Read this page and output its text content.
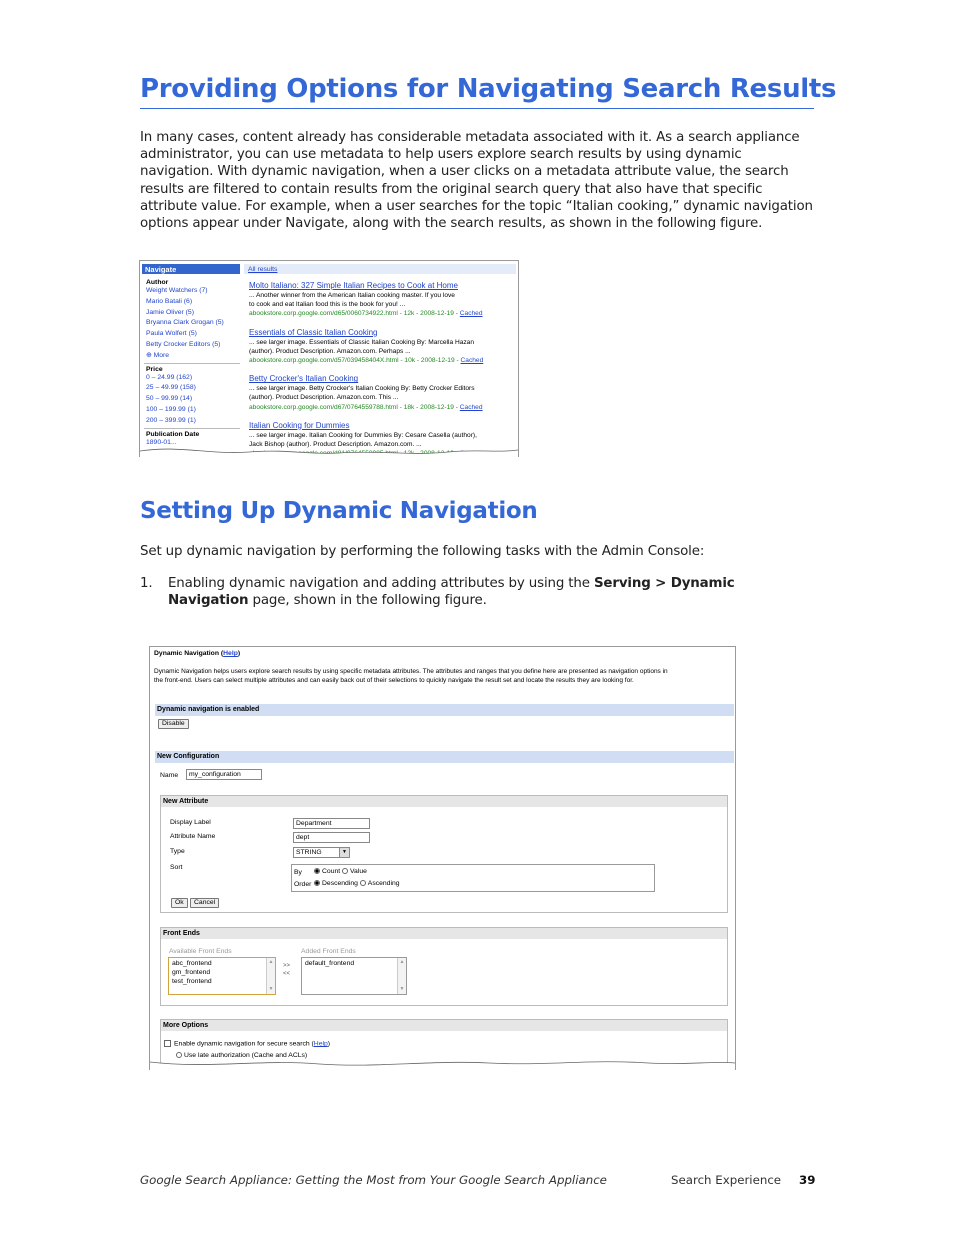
Providing Options for Navigating Search Results
In many cases, content already has considerable metadata associated with it. As a search appliance administrator, you can use metadata to help users explore search results by using dynamic navigation. With dynamic navigation, when a user clicks on a metadata attribute value, the search results are filtered to contain results from the original search query that also have that specific attribute value. For example, when a user searches for the topic “Italian cooking,” dynamic navigation options appear under Navigate, along with the search results, as shown in the following figure.
Navigate
Author
Weight Watchers (7)
Mario Batali (6)
Jamie Oliver (5)
Bryanna Clark Grogan (5)
Paula Wolfert (5)
Betty Crocker Editors (5)
⊕ More
Price
0 – 24.99 (162)
25 – 49.99 (158)
50 – 99.99 (14)
100 – 199.99 (1)
200 – 399.99 (1)
Publication Date
1890-01...
All results
Molto Italiano: 327 Simple Italian Recipes to Cook at Home
... Another winner from the American Italian cooking master. If you love
to cook and eat Italian food this is the book for you! ...
abookstore.corp.google.com/d65/0060734922.html - 12k - 2008-12-19 - Cached
Essentials of Classic Italian Cooking
... see larger image. Essentials of Classic Italian Cooking By: Marcella Hazan
(author). Product Description. Amazon.com. Perhaps ...
abookstore.corp.google.com/d57/039458404X.html - 10k - 2008-12-19 - Cached
Betty Crocker's Italian Cooking
... see larger image. Betty Crocker's Italian Cooking By: Betty Crocker Editors
(author). Product Description. Amazon.com. This ...
abookstore.corp.google.com/d67/0764559788.html - 18k - 2008-12-19 - Cached
Italian Cooking for Dummies
... see larger image. Italian Cooking for Dummies By: Cesare Casella (author),
Jack Bishop (author). Product Description. Amazon.com. ...
Setting Up Dynamic Navigation
Set up dynamic navigation by performing the following tasks with the Admin Console:
1. Enabling dynamic navigation and adding attributes by using the Serving > Dynamic Navigation page, shown in the following figure.
Dynamic Navigation (Help)
Dynamic Navigation helps users explore search results by using specific metadata attributes. The attributes and ranges that you define here are presented as navigation options in
the front-end. Users can select multiple attributes and can easily back out of their selections to quickly navigate the result set and locate the results they are looking for.
Dynamic navigation is enabled
Disable
New Configuration
Name	my_configuration
New Attribute
Display Label	Department
Attribute Name	dept
Type	STRING	▼
Sort
By	Count Value
Order	Descending Ascending
Ok	Cancel
Front Ends
Available Front Ends
abc_frontend
gm_frontend
test_frontend
▲

▼
>>
<<
Added Front Ends
default_frontend	▲

▼
More Options
Enable dynamic navigation for secure search (Help)
Use late authorization (Cache and ACLs)
Google Search Appliance: Getting the Most from Your Google Search Appliance	Search Experience 39
